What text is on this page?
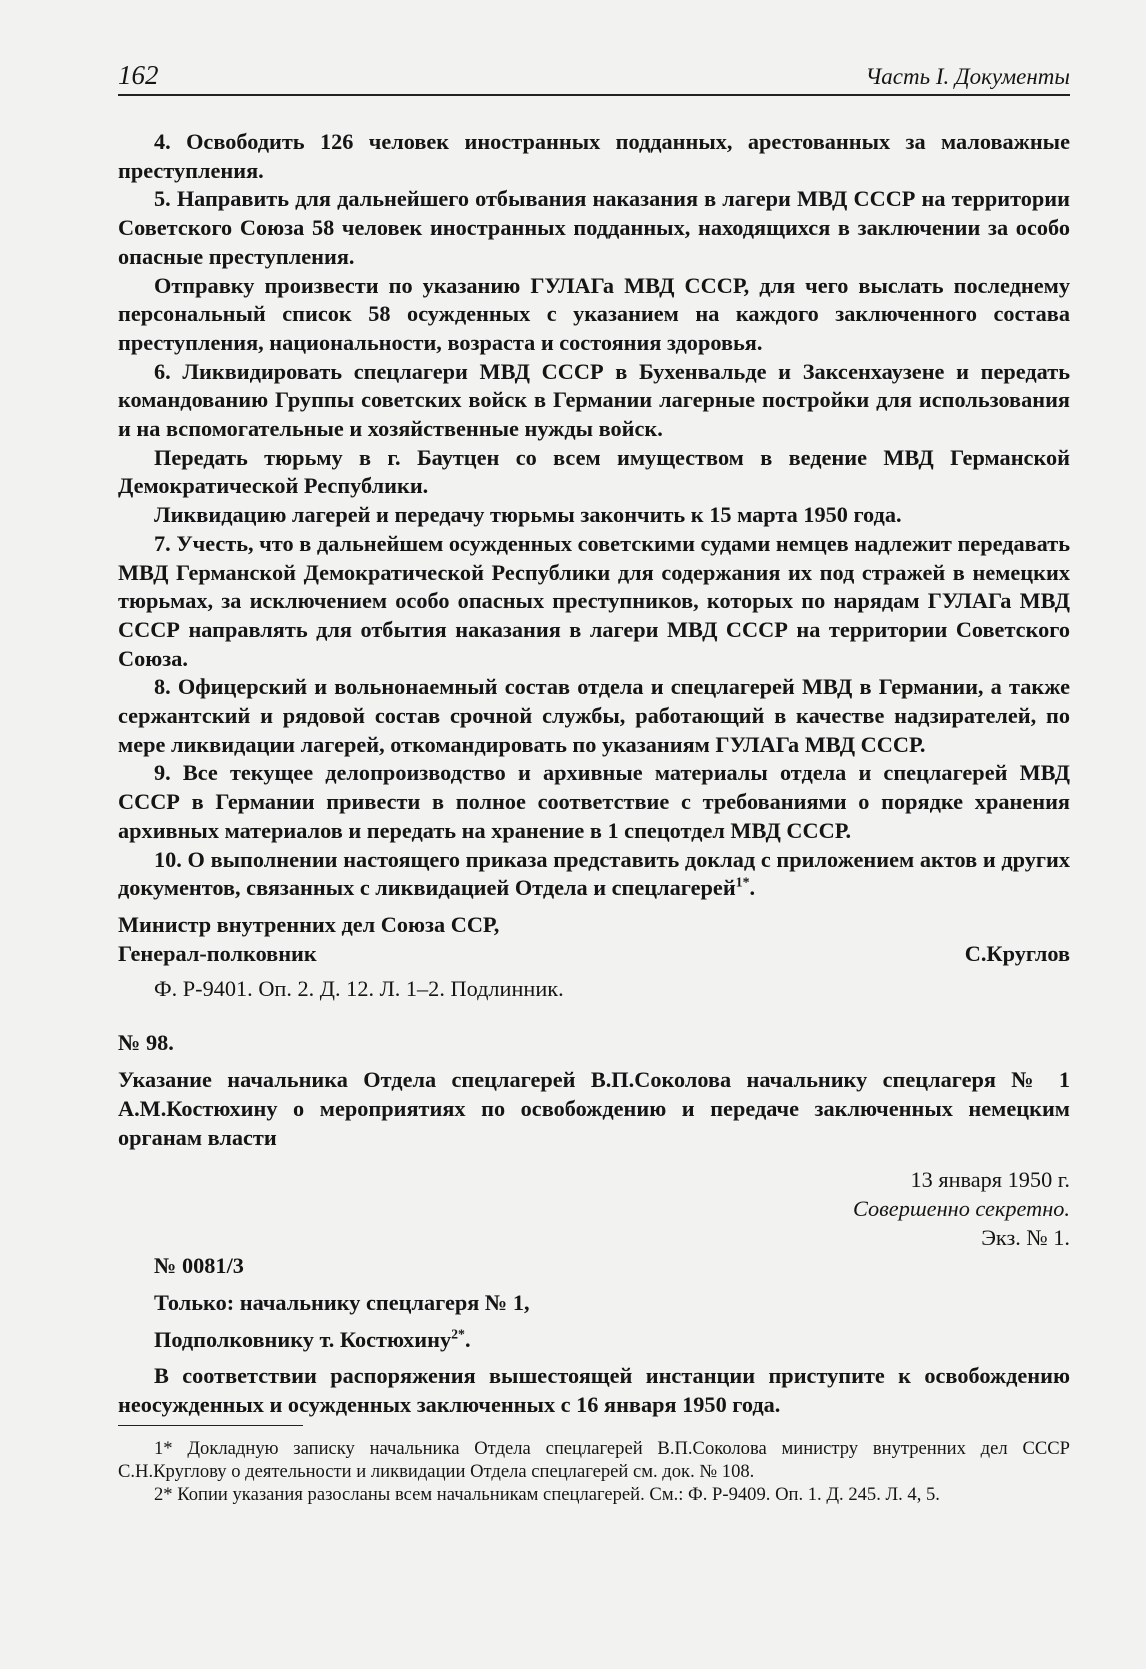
162	Часть I. Документы

4. Освободить 126 человек иностранных подданных, арестованных за маловажные преступления.

5. Направить для дальнейшего отбывания наказания в лагери МВД СССР на территории Советского Союза 58 человек иностранных подданных, находящихся в заключении за особо опасные преступления.

Отправку произвести по указанию ГУЛАГа МВД СССР, для чего выслать последнему персональный список 58 осужденных с указанием на каждого заключенного состава преступления, национальности, возраста и состояния здоровья.

6. Ликвидировать спецлагери МВД СССР в Бухенвальде и Заксенхаузене и передать командованию Группы советских войск в Германии лагерные постройки для использования и на вспомогательные и хозяйственные нужды войск.

Передать тюрьму в г. Баутцен со всем имуществом в ведение МВД Германской Демократической Республики.

Ликвидацию лагерей и передачу тюрьмы закончить к 15 марта 1950 года.

7. Учесть, что в дальнейшем осужденных советскими судами немцев надлежит передавать МВД Германской Демократической Республики для содержания их под стражей в немецких тюрьмах, за исключением особо опасных преступников, которых по нарядам ГУЛАГа МВД СССР направлять для отбытия наказания в лагери МВД СССР на территории Советского Союза.

8. Офицерский и вольнонаемный состав отдела и спецлагерей МВД в Германии, а также сержантский и рядовой состав срочной службы, работающий в качестве надзирателей, по мере ликвидации лагерей, откомандировать по указаниям ГУЛАГа МВД СССР.

9. Все текущее делопроизводство и архивные материалы отдела и спецлагерей МВД СССР в Германии привести в полное соответствие с требованиями о порядке хранения архивных материалов и передать на хранение в 1 спецотдел МВД СССР.

10. О выполнении настоящего приказа представить доклад с приложением актов и других документов, связанных с ликвидацией Отдела и спецлагерей$^{1*}$.

Министр внутренних дел Союза ССР,

Генерал-полковник	С.Круглов

Ф. Р-9401. Оп. 2. Д. 12. Л. 1–2. Подлинник.

№ 98.

Указание начальника Отдела спецлагерей В.П.Соколова начальнику спецлагеря № 1 А.М.Костюхину о мероприятиях по освобождению и передаче заключенных немецким органам власти

13 января 1950 г.

Совершенно секретно.

Экз. № 1.

№ 0081/3

Только: начальнику спецлагеря № 1,

Подполковнику т. Костюхину$^{2*}$.

В соответствии распоряжения вышестоящей инстанции приступите к освобождению неосужденных и осужденных заключенных с 16 января 1950 года.

1* Докладную записку начальника Отдела спецлагерей В.П.Соколова министру внутренних дел СССР С.Н.Круглову о деятельности и ликвидации Отдела спецлагерей см. док. № 108.

2* Копии указания разосланы всем начальникам спецлагерей. См.: Ф. Р-9409. Оп. 1. Д. 245. Л. 4, 5.
